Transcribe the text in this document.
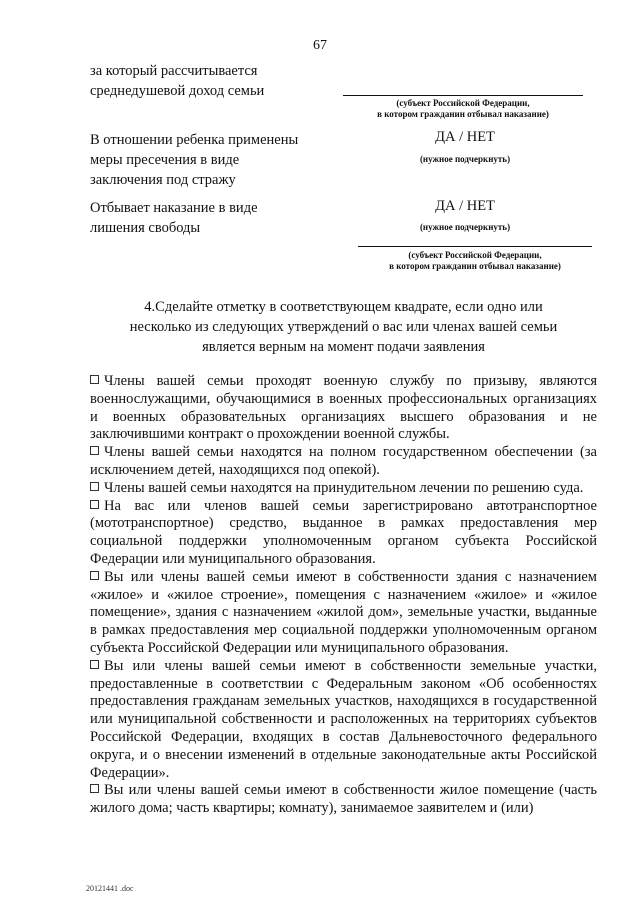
67
за который рассчитывается
среднедушевой доход семьи
(субъект Российской Федерации,
в котором гражданин отбывал наказание)
В отношении ребенка применены
меры пресечения в виде
заключения под стражу
ДА / НЕТ
(нужное подчеркнуть)
Отбывает наказание в виде
лишения свободы
ДА / НЕТ
(нужное подчеркнуть)
(субъект Российской Федерации,
в котором гражданин отбывал наказание)
4.Сделайте отметку в соответствующем квадрате, если одно или
несколько из следующих утверждений о вас или членах вашей семьи
является верным на момент подачи заявления

Члены вашей семьи проходят военную службу по призыву, являются военнослужащими, обучающимися в военных профессиональных организациях и военных образовательных организациях высшего образования и не заключившими контракт о прохождении военной службы.

Члены вашей семьи находятся на полном государственном обеспечении (за исключением детей, находящихся под опекой).

Члены вашей семьи находятся на принудительном лечении по решению суда.

На вас или членов вашей семьи зарегистрировано автотранспортное (мототранспортное) средство, выданное в рамках предоставления мер социальной поддержки уполномоченным органом субъекта Российской Федерации или муниципального образования.

Вы или члены вашей семьи имеют в собственности здания с назначением «жилое» и «жилое строение», помещения с назначением «жилое» и «жилое помещение», здания с назначением «жилой дом», земельные участки, выданные в рамках предоставления мер социальной поддержки уполномоченным органом субъекта Российской Федерации или муниципального образования.

Вы или члены вашей семьи имеют в собственности земельные участки, предоставленные в соответствии с Федеральным законом «Об особенностях предоставления гражданам земельных участков, находящихся в государственной или муниципальной собственности и расположенных на территориях субъектов Российской Федерации, входящих в состав Дальневосточного федерального округа, и о внесении изменений в отдельные законодательные акты Российской Федерации».

Вы или члены вашей семьи имеют в собственности жилое помещение (часть жилого дома; часть квартиры; комнату), занимаемое заявителем и (или)

20121441 .doc
